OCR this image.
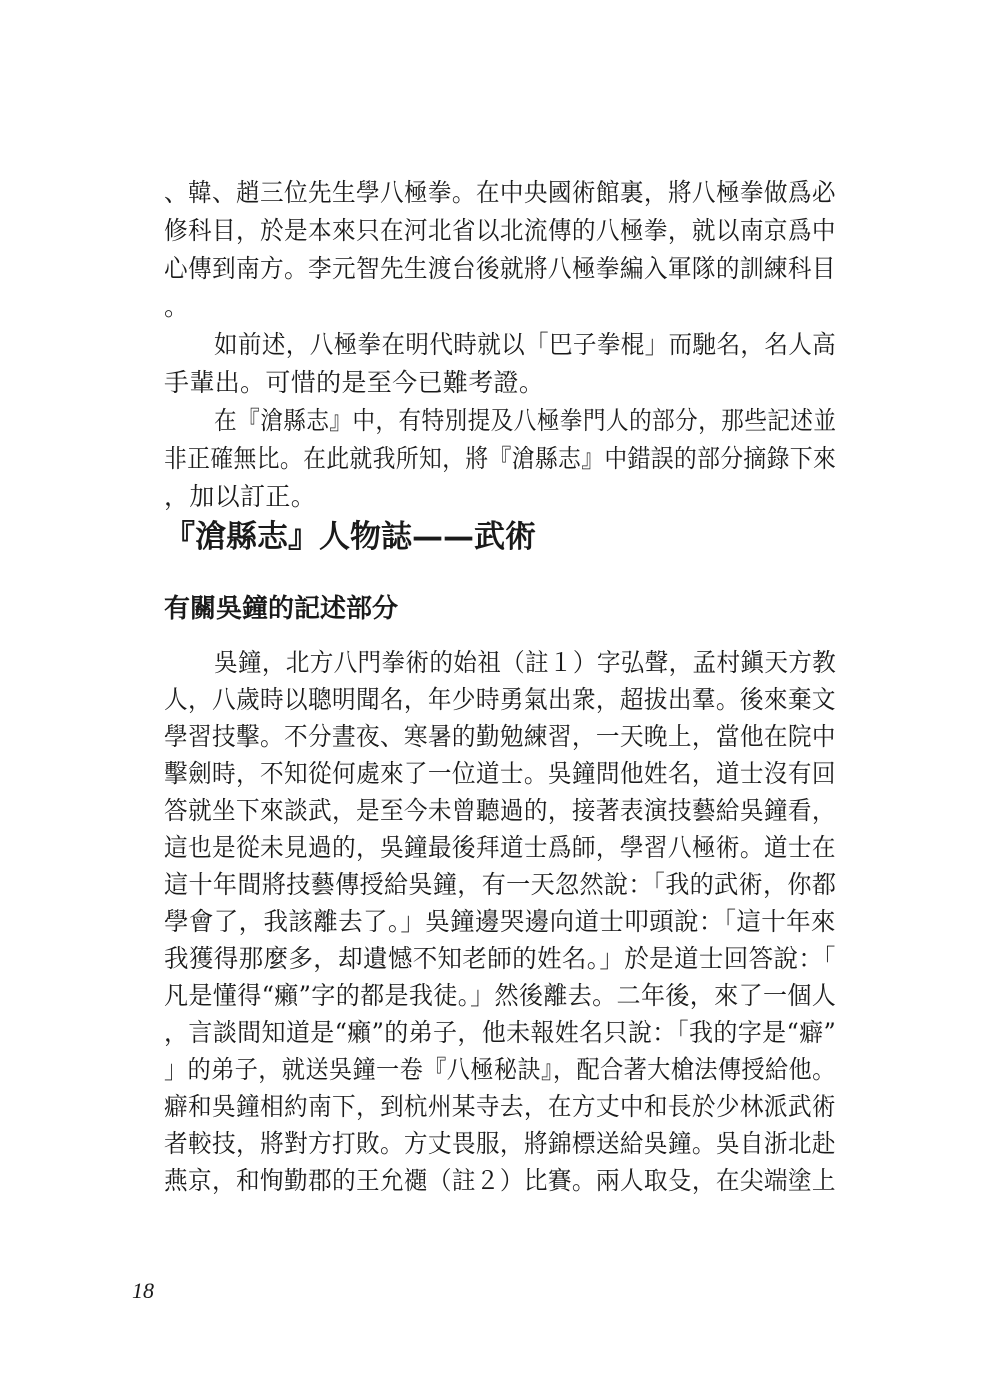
、韓、趙三位先生學八極拳。在中央國術館裏，將八極拳做爲必
修科目，於是本來只在河北省以北流傳的八極拳，就以南京爲中
心傳到南方。李元智先生渡台後就將八極拳編入軍隊的訓練科目
。
如前述，八極拳在明代時就以「巴子拳棍」而馳名，名人高
手輩出。可惜的是至今已難考證。
在『滄縣志』中，有特別提及八極拳門人的部分，那些記述並
非正確無比。在此就我所知，將『滄縣志』中錯誤的部分摘錄下來
，加以訂正。
『滄縣志』人物誌——武術
有關吳鐘的記述部分
吳鐘，北方八門拳術的始祖（註１）字弘聲，孟村鎭天方教
人，八歲時以聰明聞名，年少時勇氣出衆，超拔出羣。後來棄文
學習技擊。不分晝夜、寒暑的勤勉練習，一天晚上，當他在院中
擊劍時，不知從何處來了一位道士。吳鐘問他姓名，道士沒有回
答就坐下來談武，是至今未曾聽過的，接著表演技藝給吳鐘看，
這也是從未見過的，吳鐘最後拜道士爲師，學習八極術。道士在
這十年間將技藝傳授給吳鐘，有一天忽然說：「我的武術，你都
學會了，我該離去了。」吳鐘邊哭邊向道士叩頭說：「這十年來
我獲得那麼多，却遺憾不知老師的姓名。」於是道士回答說：「
凡是懂得“癩”字的都是我徒。」然後離去。二年後，來了一個人
，言談間知道是“癩”的弟子，他未報姓名只說：「我的字是“癖”
」的弟子，就送吳鐘一卷『八極秘訣』，配合著大槍法傳授給他。
癖和吳鐘相約南下，到杭州某寺去，在方丈中和長於少林派武術
者較技，將對方打敗。方丈畏服，將錦標送給吳鐘。吳自浙北赴
燕京，和恂勤郡的王允禵（註２）比賽。兩人取殳，在尖端塗上
18
